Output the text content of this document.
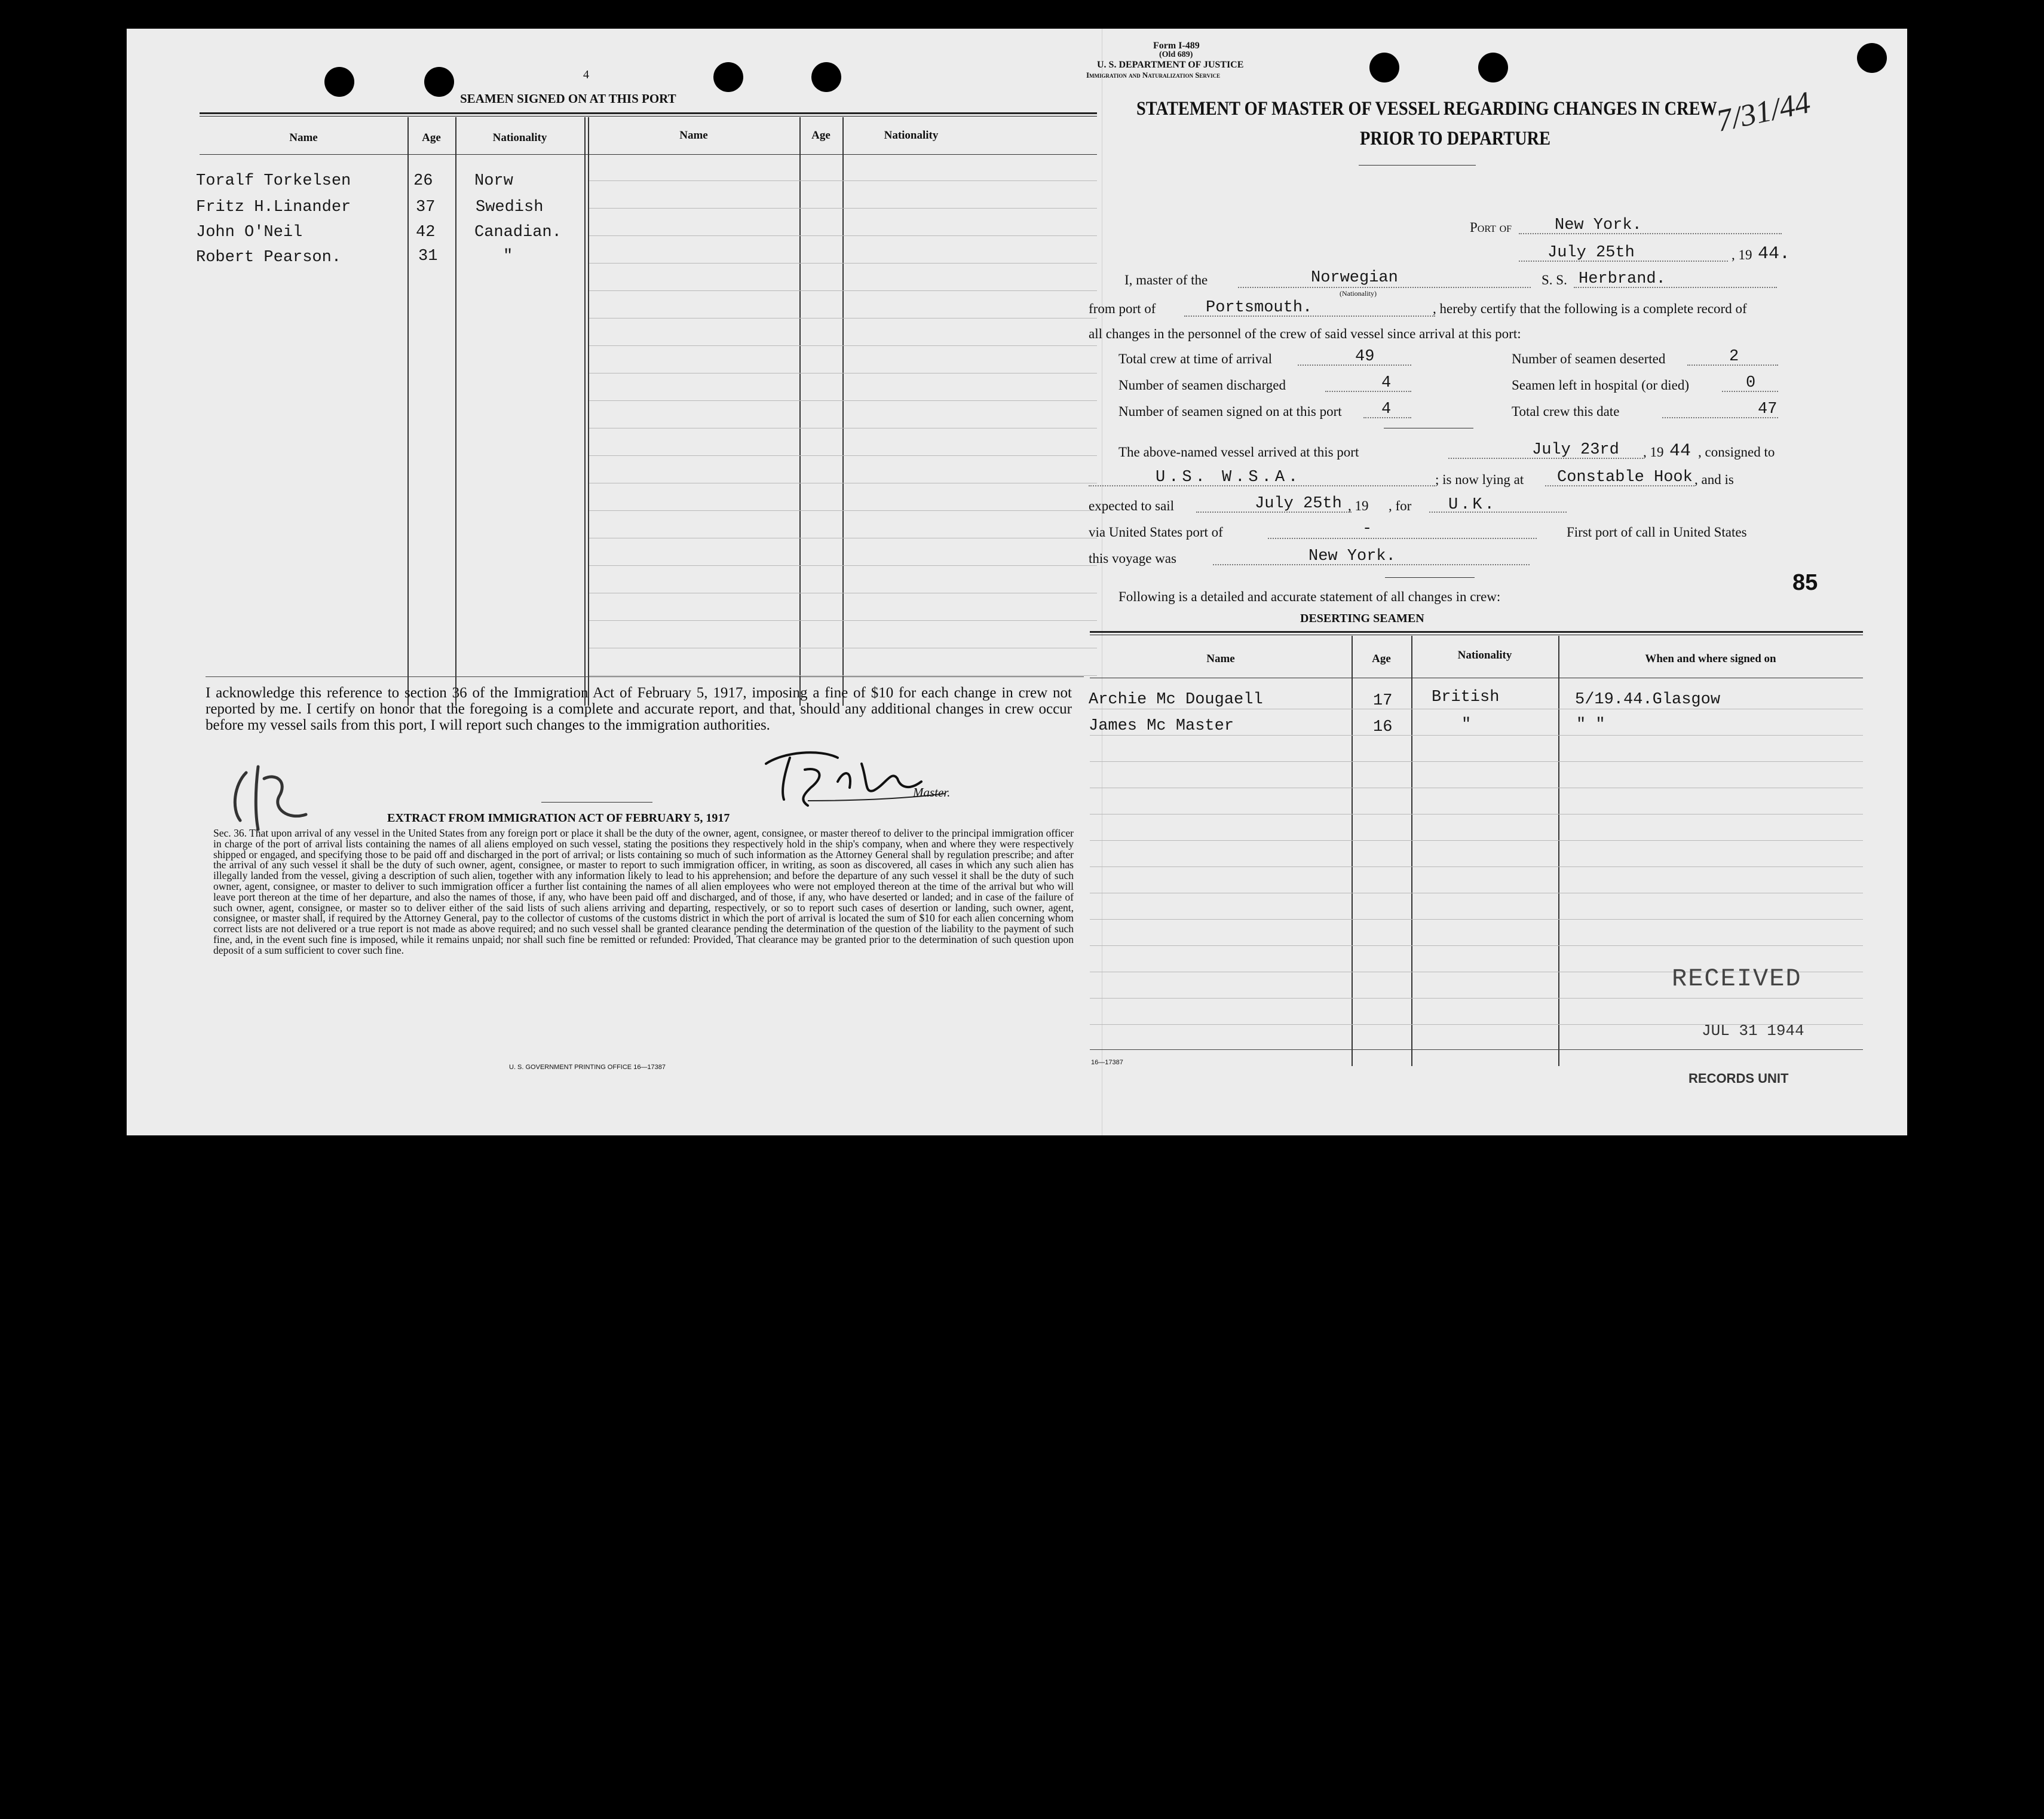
4
SEAMEN SIGNED ON AT THIS PORT
Name	Age	Nationality	Name	Age	Nationality
Toralf Torkelsen	26	Norw
Fritz H.Linander	37	Swedish
John O'Neil	42 Canadian.
Robert Pearson.	31	"
I acknowledge this reference to section 36 of the Immigration Act of February 5, 1917, imposing a fine of $10 for each change in crew not reported by me. I certify on honor that the foregoing is a complete and accurate report, and that, should any additional changes in crew occur before my vessel sails from this port, I will report such changes to the immigration authorities.
Master.
EXTRACT FROM IMMIGRATION ACT OF FEBRUARY 5, 1917
Sec. 36. That upon arrival of any vessel in the United States from any foreign port or place it shall be the duty of the owner, agent, consignee, or master thereof to deliver to the principal immigration officer in charge of the port of arrival lists containing the names of all aliens employed on such vessel, stating the positions they respectively hold in the ship's company, when and where they were respectively shipped or engaged, and specifying those to be paid off and discharged in the port of arrival; or lists containing so much of such information as the Attorney General shall by regulation prescribe; and after the arrival of any such vessel it shall be the duty of such owner, agent, consignee, or master to report to such immigration officer, in writing, as soon as discovered, all cases in which any such alien has illegally landed from the vessel, giving a description of such alien, together with any information likely to lead to his apprehension; and before the departure of any such vessel it shall be the duty of such owner, agent, consignee, or master to deliver to such immigration officer a further list containing the names of all alien employees who were not employed thereon at the time of the arrival but who will leave port thereon at the time of her departure, and also the names of those, if any, who have been paid off and discharged, and of those, if any, who have deserted or landed; and in case of the failure of such owner, agent, consignee, or master so to deliver either of the said lists of such aliens arriving and departing, respectively, or so to report such cases of desertion or landing, such owner, agent, consignee, or master shall, if required by the Attorney General, pay to the collector of customs of the customs district in which the port of arrival is located the sum of $10 for each alien concerning whom correct lists are not delivered or a true report is not made as above required; and no such vessel shall be granted clearance pending the determination of the question of the liability to the payment of such fine, and, in the event such fine is imposed, while it remains unpaid; nor shall such fine be remitted or refunded: Provided, That clearance may be granted prior to the determination of such question upon deposit of a sum sufficient to cover such fine.
U. S. GOVERNMENT PRINTING OFFICE 16—17387
Form I-489
(Old 689)
U. S. DEPARTMENT OF JUSTICE
Immigration and Naturalization Service
7/31/44
STATEMENT OF MASTER OF VESSEL REGARDING CHANGES IN CREW
PRIOR TO DEPARTURE
Port of	New York.
July 25th	, 19 44.
I, master of the	Norwegian
(Nationality)
S. S. Herbrand.
from port of	Portsmouth.	, hereby certify that the following is a complete record of
all changes in the personnel of the crew of said vessel since arrival at this port:
Total crew at time of arrival	49	Number of seamen deserted	2
Number of seamen discharged	4	Seamen left in hospital (or died)	0
Number of seamen signed on at this port 4	Total crew this date	47
The above-named vessel arrived at this port	July 23rd , 19 44 , consigned to
U.S. W.S.A.	; is now lying at Constable Hook , and is
expected to sail	July 25th , 19 , for U.K.
via United States port of	-	First port of call in United States
this voyage was	New York.
85
Following is a detailed and accurate statement of all changes in crew:
DESERTING SEAMEN
Name	Age	Nationality	When and where signed on
Archie Mc Dougaell	17 British	5/19.44.Glasgow
James Mc Master	16	"	" "
RECEIVED
JUL 31 1944
RECORDS UNIT
16—17387
